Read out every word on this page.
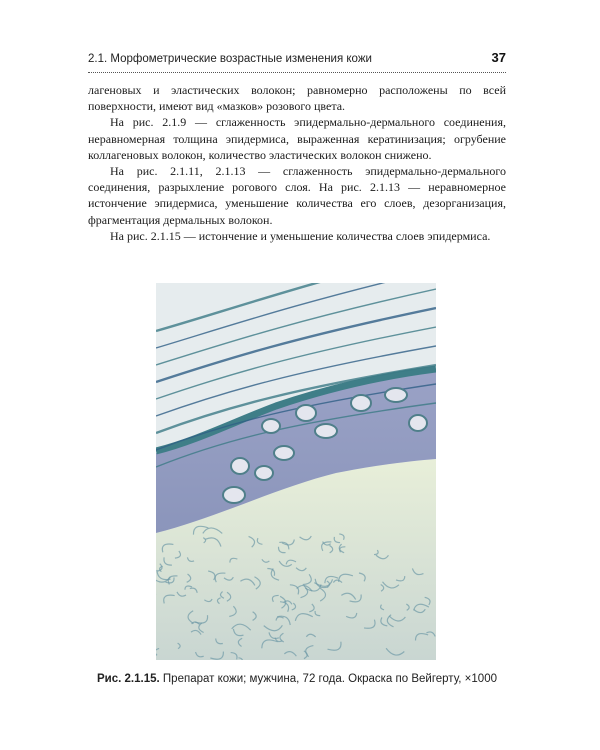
2.1. Морфометрические возрастные изменения кожи	37

лагеновых и эластических волокон; равномерно расположены по всей поверхности, имеют вид «мазков» розового цвета.

На рис. 2.1.9 — сглаженность эпидермально-дермального соединения, неравномерная толщина эпидермиса, выраженная кератинизация; огрубение коллагеновых волокон, количество эластических волокон снижено.

На рис. 2.1.11, 2.1.13 — сглаженность эпидермально-дермального соединения, разрыхление рогового слоя. На рис. 2.1.13 — неравномерное истончение эпидермиса, уменьшение количества его слоев, дезорганизация, фрагментация дермальных волокон.

На рис. 2.1.15 — истончение и уменьшение количества слоев эпидермиса.

Рис. 2.1.15. Препарат кожи; мужчина, 72 года. Окраска по Вейгерту, ×1000
